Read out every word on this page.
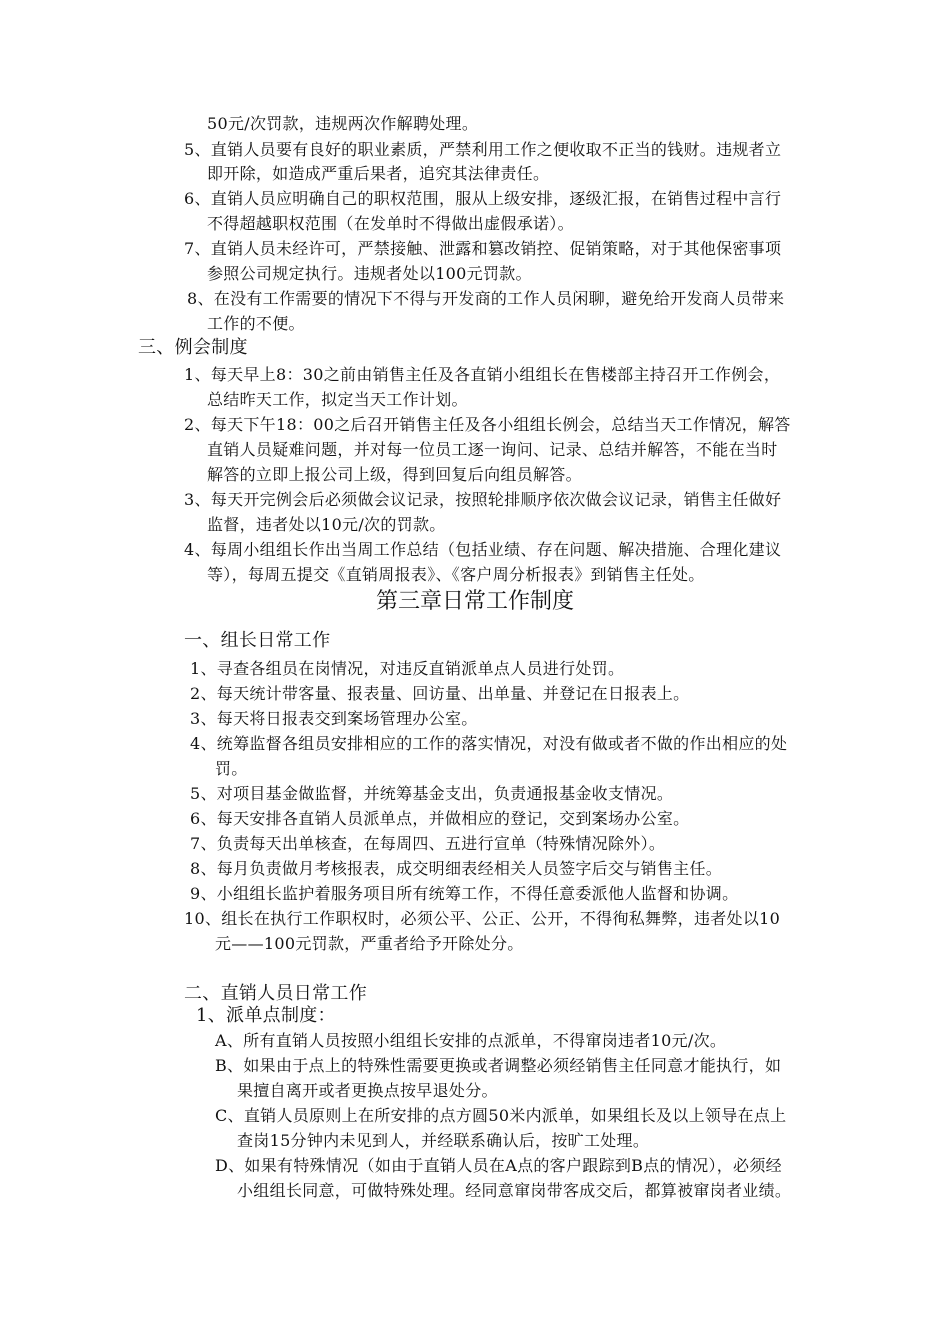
50元/次罚款，违规两次作解聘处理。
5、直销人员要有良好的职业素质，严禁利用工作之便收取不正当的钱财。违规者立
即开除，如造成严重后果者，追究其法律责任。
6、直销人员应明确自己的职权范围，服从上级安排，逐级汇报，在销售过程中言行
不得超越职权范围（在发单时不得做出虚假承诺）。
7、直销人员未经许可，严禁接触、泄露和篡改销控、促销策略，对于其他保密事项
参照公司规定执行。违规者处以100元罚款。
8、在没有工作需要的情况下不得与开发商的工作人员闲聊，避免给开发商人员带来
工作的不便。
三、例会制度
1、每天早上8：30之前由销售主任及各直销小组组长在售楼部主持召开工作例会，
总结昨天工作，拟定当天工作计划。
2、每天下午18：00之后召开销售主任及各小组组长例会，总结当天工作情况，解答
直销人员疑难问题，并对每一位员工逐一询问、记录、总结并解答，不能在当时
解答的立即上报公司上级，得到回复后向组员解答。
3、每天开完例会后必须做会议记录，按照轮排顺序依次做会议记录，销售主任做好
监督，违者处以10元/次的罚款。
4、每周小组组长作出当周工作总结（包括业绩、存在问题、解决措施、合理化建议
等），每周五提交《直销周报表》、《客户周分析报表》到销售主任处。
第三章日常工作制度
一、组长日常工作
1、寻查各组员在岗情况，对违反直销派单点人员进行处罚。
2、每天统计带客量、报表量、回访量、出单量、并登记在日报表上。
3、每天将日报表交到案场管理办公室。
4、统筹监督各组员安排相应的工作的落实情况，对没有做或者不做的作出相应的处
罚。
5、对项目基金做监督，并统筹基金支出，负责通报基金收支情况。
6、每天安排各直销人员派单点，并做相应的登记，交到案场办公室。
7、负责每天出单核查，在每周四、五进行宣单（特殊情况除外）。
8、每月负责做月考核报表，成交明细表经相关人员签字后交与销售主任。
9、小组组长监护着服务项目所有统筹工作，不得任意委派他人监督和协调。
10、组长在执行工作职权时，必须公平、公正、公开，不得徇私舞弊，违者处以10
元——100元罚款，严重者给予开除处分。
二、直销人员日常工作
1、派单点制度：
A、所有直销人员按照小组组长安排的点派单，不得窜岗违者10元/次。
B、如果由于点上的特殊性需要更换或者调整必须经销售主任同意才能执行，如
果擅自离开或者更换点按早退处分。
C、直销人员原则上在所安排的点方圆50米内派单，如果组长及以上领导在点上
查岗15分钟内未见到人，并经联系确认后，按旷工处理。
D、如果有特殊情况（如由于直销人员在A点的客户跟踪到B点的情况），必须经
小组组长同意，可做特殊处理。经同意窜岗带客成交后，都算被窜岗者业绩。
